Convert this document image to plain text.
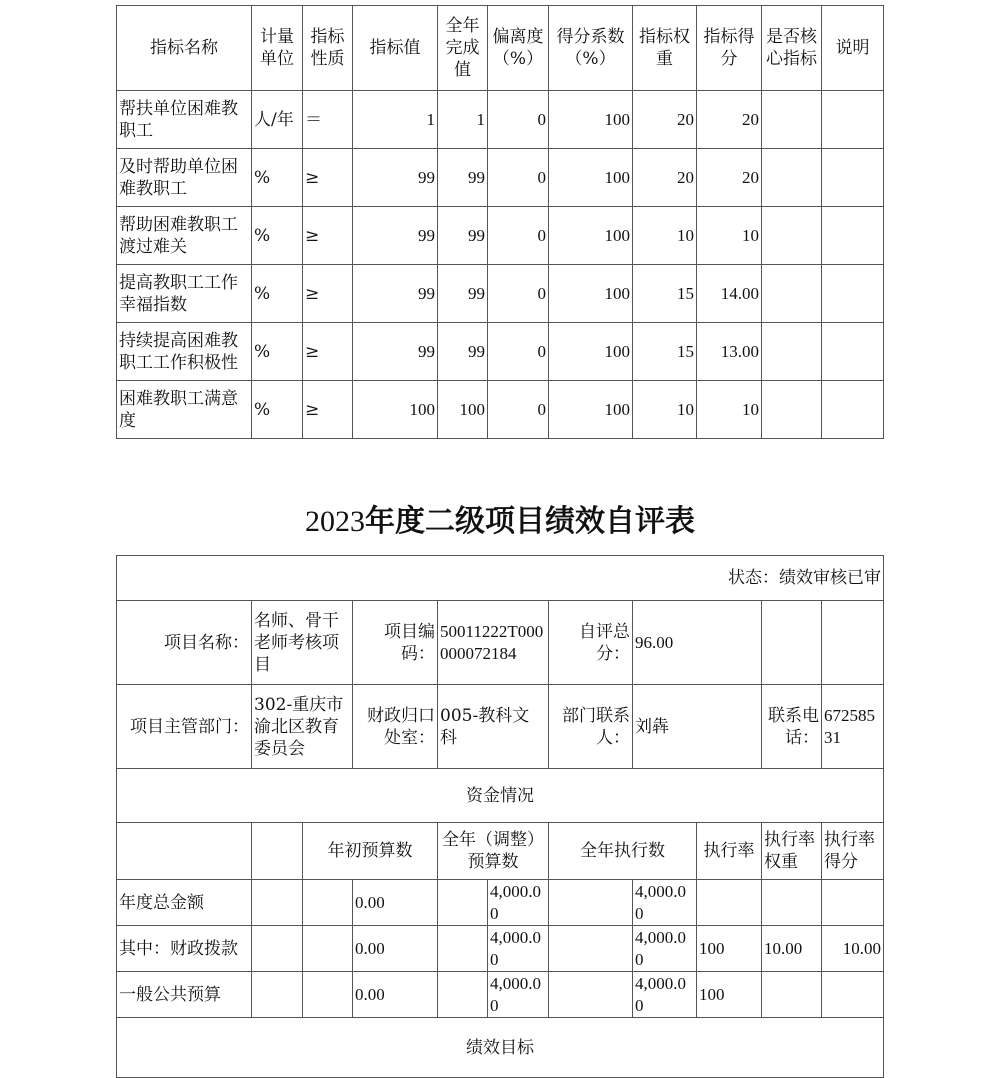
指标名称	计量单位	指标性质	指标值	全年完成值	偏离度（%）	得分系数（%）	指标权重	指标得分	是否核心指标	说明
帮扶单位困难教职工	人/年	＝	1	1	0	100	20	20		
及时帮助单位困难教职工	%	≥	99	99	0	100	20	20		
帮助困难教职工渡过难关	%	≥	99	99	0	100	10	10		
提高教职工工作幸福指数	%	≥	99	99	0	100	15	14.00		
持续提高困难教职工工作积极性	%	≥	99	99	0	100	15	13.00		
困难教职工满意度	%	≥	100	100	0	100	10	10		
2023年度二级项目绩效自评表
状态：绩效审核已审										
项目名称：	名师、骨干老师考核项目		项目编码：	50011222T000000072184		自评总分：	96.00			
项目主管部门：	302-重庆市渝北区教育委员会		财政归口处室：	005-教科文科		部门联系人：	刘犇		联系电话：	67258531
资金情况										
		年初预算数		全年（调整）预算数		全年执行数		执行率	执行率权重	执行率得分
年度总金额			0.00		4,000.00		4,000.00			
其中：财政拨款			0.00		4,000.00		4,000.00	100	10.00	10.00
一般公共预算			0.00		4,000.00		4,000.00	100		
绩效目标										
